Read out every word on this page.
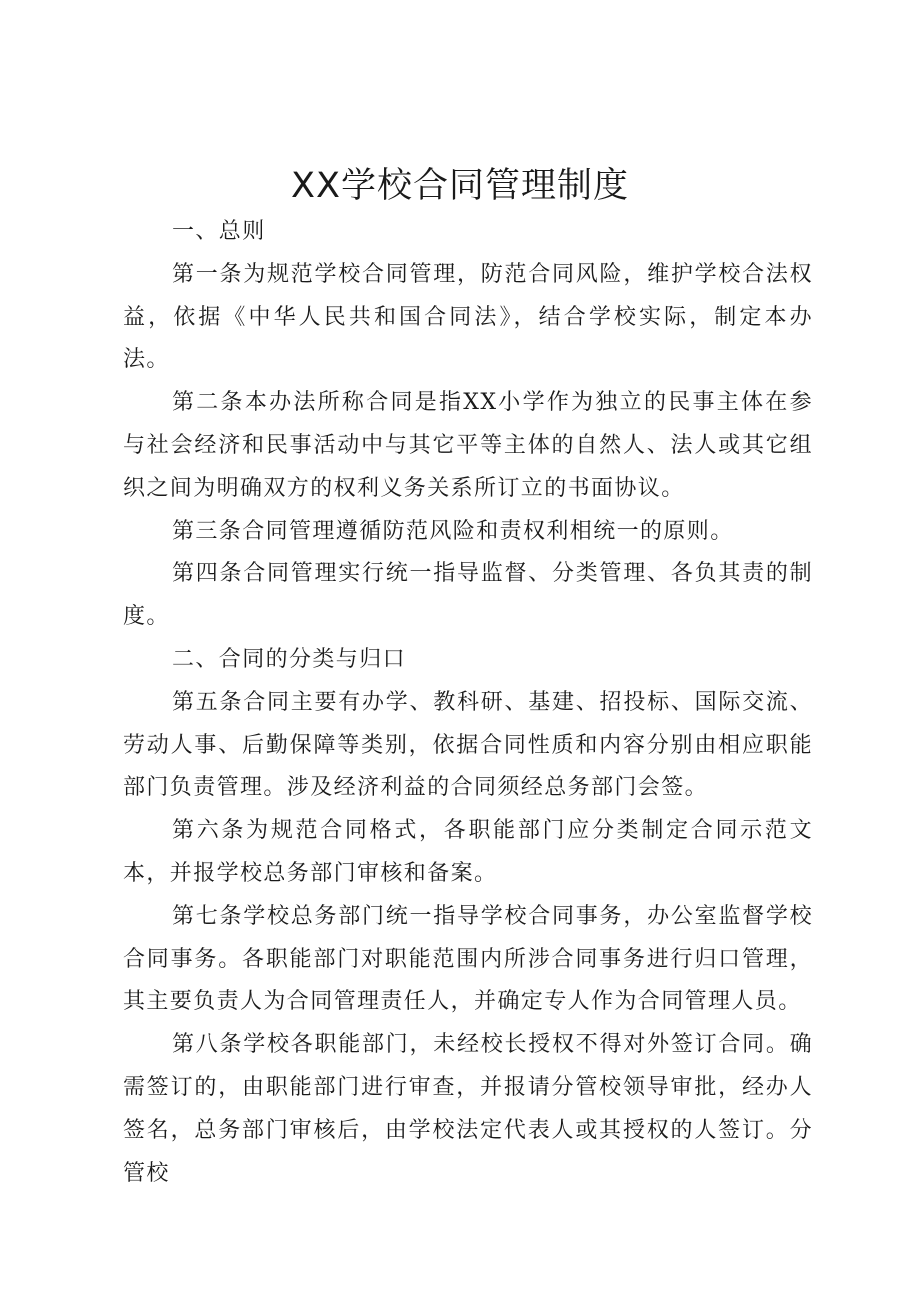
XX学校合同管理制度

一、总则

第一条为规范学校合同管理，防范合同风险，维护学校合法权益，依据《中华人民共和国合同法》，结合学校实际，制定本办法。

第二条本办法所称合同是指XX小学作为独立的民事主体在参与社会经济和民事活动中与其它平等主体的自然人、法人或其它组织之间为明确双方的权利义务关系所订立的书面协议。

第三条合同管理遵循防范风险和责权利相统一的原则。

第四条合同管理实行统一指导监督、分类管理、各负其责的制度。

二、合同的分类与归口

第五条合同主要有办学、教科研、基建、招投标、国际交流、劳动人事、后勤保障等类别，依据合同性质和内容分别由相应职能部门负责管理。涉及经济利益的合同须经总务部门会签。

第六条为规范合同格式，各职能部门应分类制定合同示范文本，并报学校总务部门审核和备案。

第七条学校总务部门统一指导学校合同事务，办公室监督学校合同事务。各职能部门对职能范围内所涉合同事务进行归口管理，其主要负责人为合同管理责任人，并确定专人作为合同管理人员。

第八条学校各职能部门，未经校长授权不得对外签订合同。确需签订的，由职能部门进行审查，并报请分管校领导审批，经办人签名，总务部门审核后，由学校法定代表人或其授权的人签订。分管校
